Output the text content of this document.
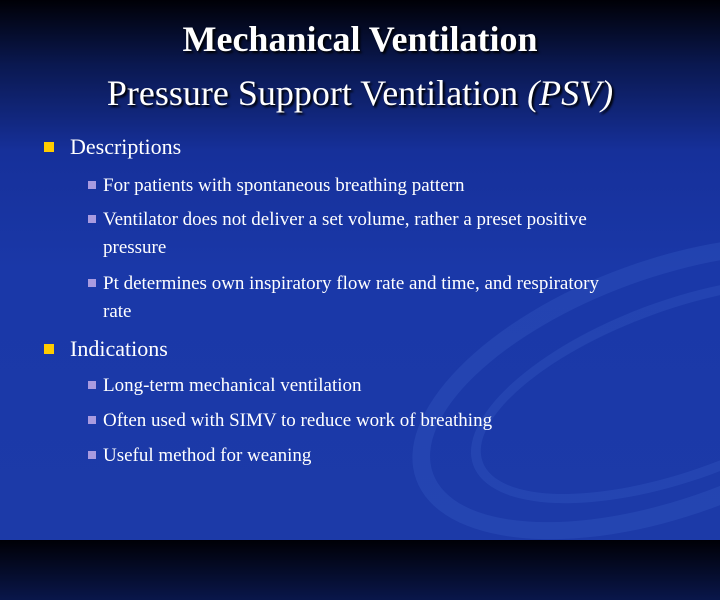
Mechanical Ventilation
Pressure Support Ventilation (PSV)
Descriptions
For patients with spontaneous breathing pattern
Ventilator does not deliver a set volume, rather a preset positive pressure
Pt determines own inspiratory flow rate and time, and respiratory rate
Indications
Long-term mechanical ventilation
Often used with SIMV to reduce work of breathing
Useful method for weaning
